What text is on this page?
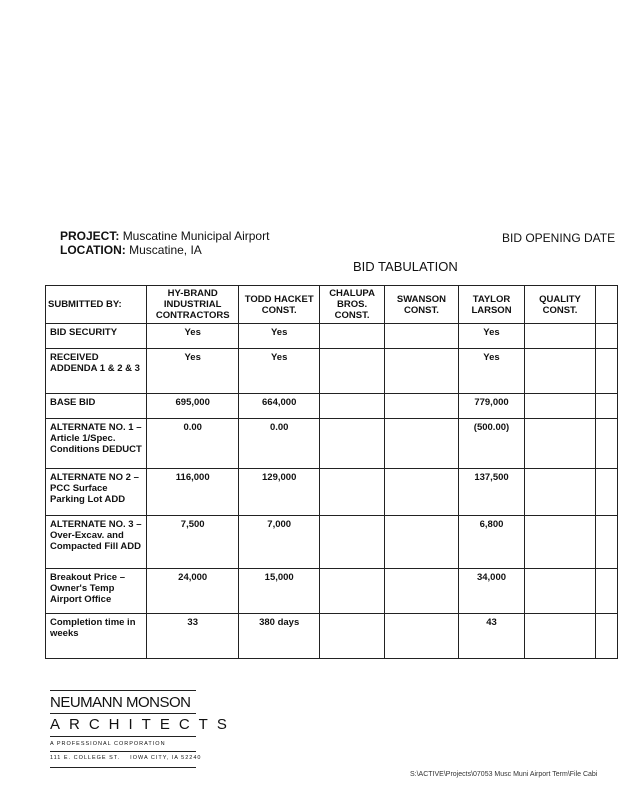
PROJECT: Muscatine Municipal Airport
LOCATION: Muscatine, IA
BID OPENING DATE
BID TABULATION
SUBMITTED BY:	HY-BRAND INDUSTRIAL CONTRACTORS	TODD HACKET CONST.	CHALUPA BROS. CONST.	SWANSON CONST.	TAYLOR LARSON	QUALITY CONST.	
BID SECURITY	Yes	Yes			Yes		
RECEIVED ADDENDA 1 & 2 & 3	Yes	Yes			Yes		
BASE BID	695,000	664,000			779,000		
ALTERNATE NO. 1 – Article 1/Spec. Conditions DEDUCT	0.00	0.00			(500.00)		
ALTERNATE NO 2 – PCC Surface Parking Lot ADD	116,000	129,000			137,500		
ALTERNATE NO. 3 – Over-Excav. and Compacted Fill ADD	7,500	7,000			6,800		
Breakout Price – Owner's Temp Airport Office	24,000	15,000			34,000		
Completion time in weeks	33	380 days			43		
NEUMANN MONSON
ARCHITECTS
A PROFESSIONAL CORPORATION
111 E. COLLEGE ST.    IOWA CITY, IA 52240
S:\ACTIVE\Projects\07053 Musc Muni Airport Term\File Cabi
